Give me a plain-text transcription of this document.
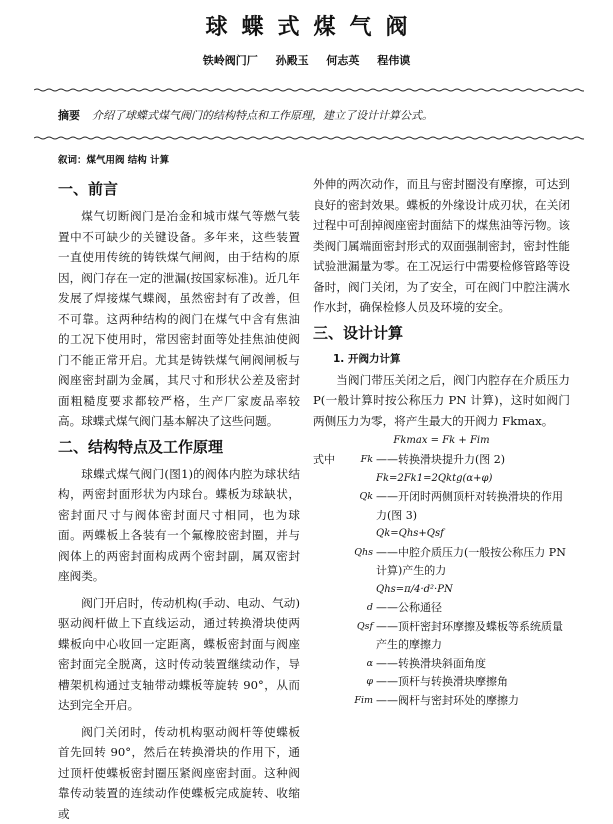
球蝶式煤气阀
铁岭阀门厂 孙殿玉 何志英 程伟谟
摘要 介绍了球蝶式煤气阀门的结构特点和工作原理，建立了设计计算公式。
叙词：煤气用阀 结构 计算
一、前言

煤气切断阀门是冶金和城市煤气等燃气装置中不可缺少的关键设备。多年来，这些装置一直使用传统的铸铁煤气闸阀，由于结构的原因，阀门存在一定的泄漏(按国家标准)。近几年发展了焊接煤气蝶阀，虽然密封有了改善，但不可靠。这两种结构的阀门在煤气中含有焦油的工况下使用时，常因密封面等处挂焦油使阀门不能正常开启。尤其是铸铁煤气闸阀闸板与阀座密封副为金属，其尺寸和形状公差及密封面粗糙度要求都较严格，生产厂家废品率较高。球蝶式煤气阀门基本解决了这些问题。

二、结构特点及工作原理

球蝶式煤气阀门(图1)的阀体内腔为球状结构，两密封面形状为内球台。蝶板为球缺状，密封面尺寸与阀体密封面尺寸相同，也为球面。两蝶板上各装有一个氟橡胶密封圈，并与阀体上的两密封面构成两个密封副，属双密封座阀类。

阀门开启时，传动机构(手动、电动、气动)驱动阀杆做上下直线运动，通过转换滑块使两蝶板向中心收回一定距离，蝶板密封面与阀座密封面完全脱离，这时传动装置继续动作，导槽架机构通过支轴带动蝶板等旋转 90°，从而达到完全开启。

阀门关闭时，传动机构驱动阀杆等使蝶板首先回转 90°，然后在转换滑块的作用下，通过顶杆使蝶板密封圈压紧阀座密封面。这种阀靠传动装置的连续动作使蝶板完成旋转、收缩或

外伸的两次动作，而且与密封圈没有摩擦，可达到良好的密封效果。蝶板的外缘设计成刃状，在关闭过程中可刮掉阀座密封面結下的煤焦油等污物。该类阀门属端面密封形式的双面强制密封，密封性能试验泄漏量为零。在工况运行中需要检修管路等设备时，阀门关闭，为了安全，可在阀门中腔注满水作水封，确保检修人员及环境的安全。

三、设计计算
1. 开阀力计算

当阀门带压关闭之后，阀门内腔存在介质压力 P(一般计算时按公称压力 PN 计算)，这时如阀门两侧压力为零，将产生最大的开阀力 Fkmax。

Fkmax = Fk + Fim
式中	Fk ——转换滑块提升力(图 2)
Fk=2Fk1=2Qktg(α+φ)
Qk ——开闭时两侧顶杆对转换滑块的作用力(图 3)
Qk=Qhs+Qsf
Qhs ——中腔介质压力(一般按公称压力 PN 计算)产生的力
Qhs=π/4·d²·PN
d ——公称通径
Qsf ——顶杆密封环摩擦及蝶板等系统质量产生的摩擦力
α ——转换滑块斜面角度
φ ——顶杆与转换滑块摩擦角
Fim ——阀杆与密封环处的摩擦力
